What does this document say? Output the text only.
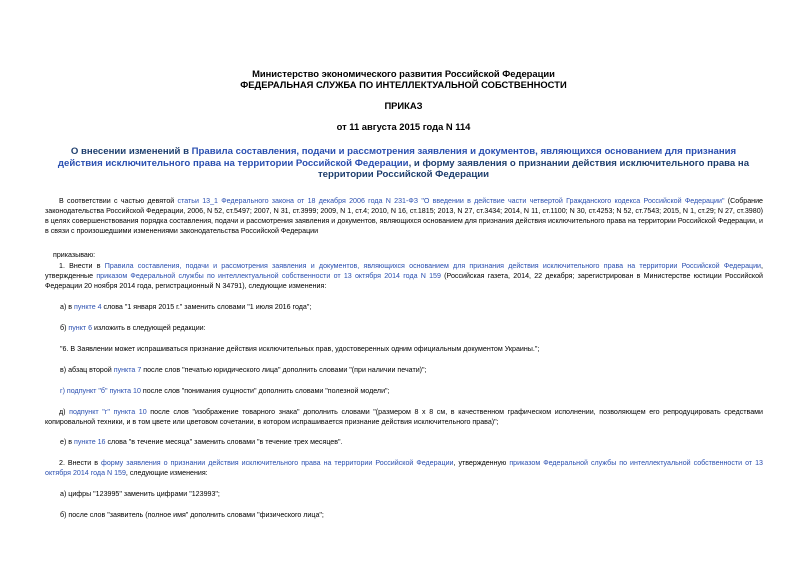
Министерство экономического развития Российской Федерации
ФЕДЕРАЛЬНАЯ СЛУЖБА ПО ИНТЕЛЛЕКТУАЛЬНОЙ СОБСТВЕННОСТИ
ПРИКАЗ
от 11 августа 2015 года N 114
О внесении изменений в Правила составления, подачи и рассмотрения заявления и документов, являющихся основанием для признания действия исключительного права на территории Российской Федерации, и форму заявления о признании действия исключительного права на территории Российской Федерации

В соответствии с частью девятой статьи 13_1 Федерального закона от 18 декабря 2006 года N 231-ФЗ "О введении в действие части четвертой Гражданского кодекса Российской Федерации" (Собрание законодательства Российской Федерации, 2006, N 52, ст.5497; 2007, N 31, ст.3999; 2009, N 1, ст.4; 2010, N 16, ст.1815; 2013, N 27, ст.3434; 2014, N 11, ст.1100; N 30, ст.4253; N 52, ст.7543; 2015, N 1, ст.29; N 27, ст.3980) в целях совершенствования порядка составления, подачи и рассмотрения заявления и документов, являющихся основанием для признания действия исключительного права на территории Российской Федерации, и в связи с произошедшими изменениями законодательства Российской Федерации

приказываю:

1. Внести в Правила составления, подачи и рассмотрения заявления и документов, являющихся основанием для признания действия исключительного права на территории Российской Федерации, утвержденные приказом Федеральной службы по интеллектуальной собственности от 13 октября 2014 года N 159 (Российская газета, 2014, 22 декабря; зарегистрирован в Министерстве юстиции Российской Федерации 20 ноября 2014 года, регистрационный N 34791), следующие изменения:

а) в пункте 4 слова "1 января 2015 г." заменить словами "1 июля 2016 года";

б) пункт 6 изложить в следующей редакции:

"6. В Заявлении может испрашиваться признание действия исключительных прав, удостоверенных одним официальным документом Украины.";

в) абзац второй пункта 7 после слов "печатью юридического лица" дополнить словами "(при наличии печати)";

г) подпункт "б" пункта 10 после слов "понимания сущности" дополнить словами "полезной модели";

д) подпункт "г" пункта 10 после слов "изображение товарного знака" дополнить словами "(размером 8 х 8 см, в качественном графическом исполнении, позволяющем его репродуцировать средствами копировальной техники, и в том цвете или цветовом сочетании, в котором испрашивается признание действия исключительного права)";

е) в пункте 16 слова "в течение месяца" заменить словами "в течение трех месяцев".

2. Внести в форму заявления о признании действия исключительного права на территории Российской Федерации, утвержденную приказом Федеральной службы по интеллектуальной собственности от 13 октября 2014 года N 159, следующие изменения:

а) цифры "123995" заменить цифрами "123993";

б) после слов "заявитель (полное имя" дополнить словами "физического лица";
